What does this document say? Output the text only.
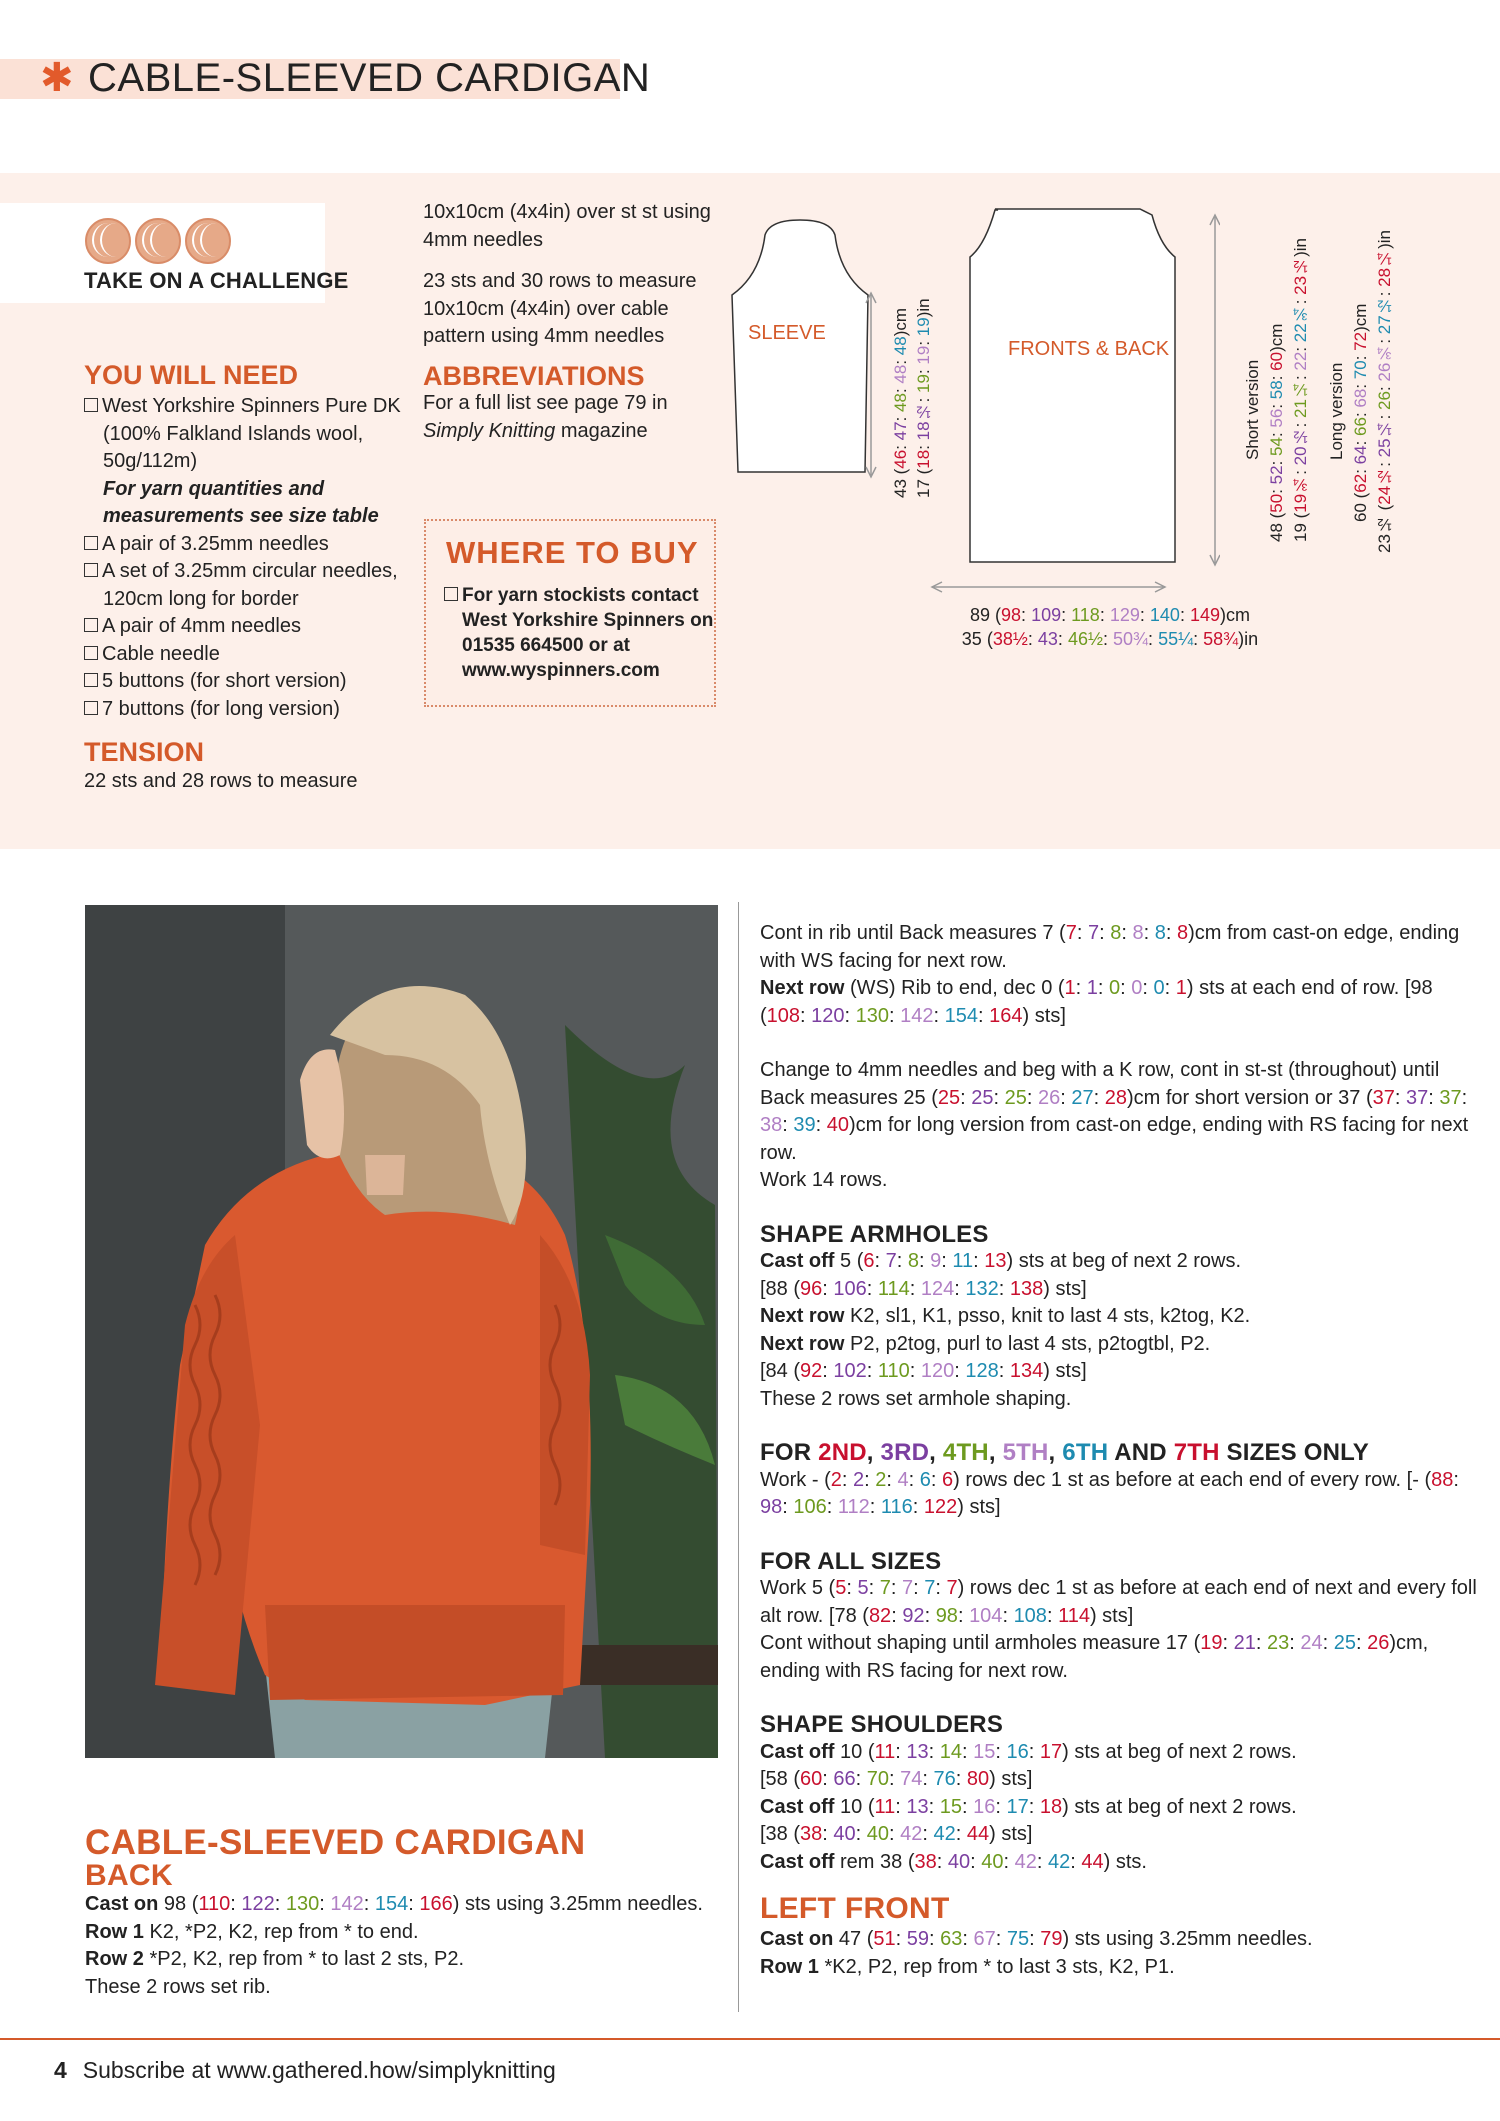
✱ CABLE-SLEEVED CARDIGAN
TAKE ON A CHALLENGE
YOU WILL NEED
West Yorkshire Spinners Pure DK (100% Falkland Islands wool, 50g/112m)
For yarn quantities and measurements see size table
A pair of 3.25mm needles
A set of 3.25mm circular needles, 120cm long for border
A pair of 4mm needles
Cable needle
5 buttons (for short version)
7 buttons (for long version)
TENSION
22 sts and 28 rows to measure
10x10cm (4x4in) over st st using 4mm needles
23 sts and 30 rows to measure 10x10cm (4x4in) over cable pattern using 4mm needles
ABBREVIATIONS
For a full list see page 79 in Simply Knitting magazine
WHERE TO BUY
For yarn stockists contact West Yorkshire Spinners on 01535 664500 or at www.wyspinners.com
SLEEVE
FRONTS & BACK
43 (46: 47: 48: 48: 48)cm
17 (18: 18½: 19: 19: 19)in
Short version
48 (50: 52: 54: 56: 58: 60)cm
19 (19¾: 20½: 21¼: 22: 22¾: 23½)in
Long version
60 (62: 64: 66: 68: 70: 72)cm
23½ (24½: 25¼: 26: 26¾: 27½: 28¼)in
89 (98: 109: 118: 129: 140: 149)cm
35 (38½: 43: 46½: 50¾: 55¼: 58¾)in
CABLE-SLEEVED CARDIGAN
BACK
Cast on 98 (110: 122: 130: 142: 154: 166) sts using 3.25mm needles.
Row 1 K2, *P2, K2, rep from * to end.
Row 2 *P2, K2, rep from * to last 2 sts, P2.
These 2 rows set rib.
Cont in rib until Back measures 7 (7: 7: 8: 8: 8: 8)cm from cast-on edge, ending with WS facing for next row.
Next row (WS) Rib to end, dec 0 (1: 1: 0: 0: 0: 1) sts at each end of row. [98 (108: 120: 130: 142: 154: 164) sts]
Change to 4mm needles and beg with a K row, cont in st-st (throughout) until Back measures 25 (25: 25: 25: 26: 27: 28)cm for short version or 37 (37: 37: 37: 38: 39: 40)cm for long version from cast-on edge, ending with RS facing for next row.
Work 14 rows.
SHAPE ARMHOLES
Cast off 5 (6: 7: 8: 9: 11: 13) sts at beg of next 2 rows.
[88 (96: 106: 114: 124: 132: 138) sts]
Next row K2, sl1, K1, psso, knit to last 4 sts, k2tog, K2.
Next row P2, p2tog, purl to last 4 sts, p2togtbl, P2.
[84 (92: 102: 110: 120: 128: 134) sts]
These 2 rows set armhole shaping.
FOR 2ND, 3RD, 4TH, 5TH, 6TH AND 7TH SIZES ONLY
Work - (2: 2: 2: 4: 6: 6) rows dec 1 st as before at each end of every row. [- (88: 98: 106: 112: 116: 122) sts]
FOR ALL SIZES
Work 5 (5: 5: 7: 7: 7: 7) rows dec 1 st as before at each end of next and every foll alt row. [78 (82: 92: 98: 104: 108: 114) sts]
Cont without shaping until armholes measure 17 (19: 21: 23: 24: 25: 26)cm, ending with RS facing for next row.
SHAPE SHOULDERS
Cast off 10 (11: 13: 14: 15: 16: 17) sts at beg of next 2 rows.
[58 (60: 66: 70: 74: 76: 80) sts]
Cast off 10 (11: 13: 15: 16: 17: 18) sts at beg of next 2 rows.
[38 (38: 40: 40: 42: 42: 44) sts]
Cast off rem 38 (38: 40: 40: 42: 42: 44) sts.
LEFT FRONT
Cast on 47 (51: 59: 63: 67: 75: 79) sts using 3.25mm needles.
Row 1 *K2, P2, rep from * to last 3 sts, K2, P1.
4 Subscribe at www.gathered.how/simplyknitting
